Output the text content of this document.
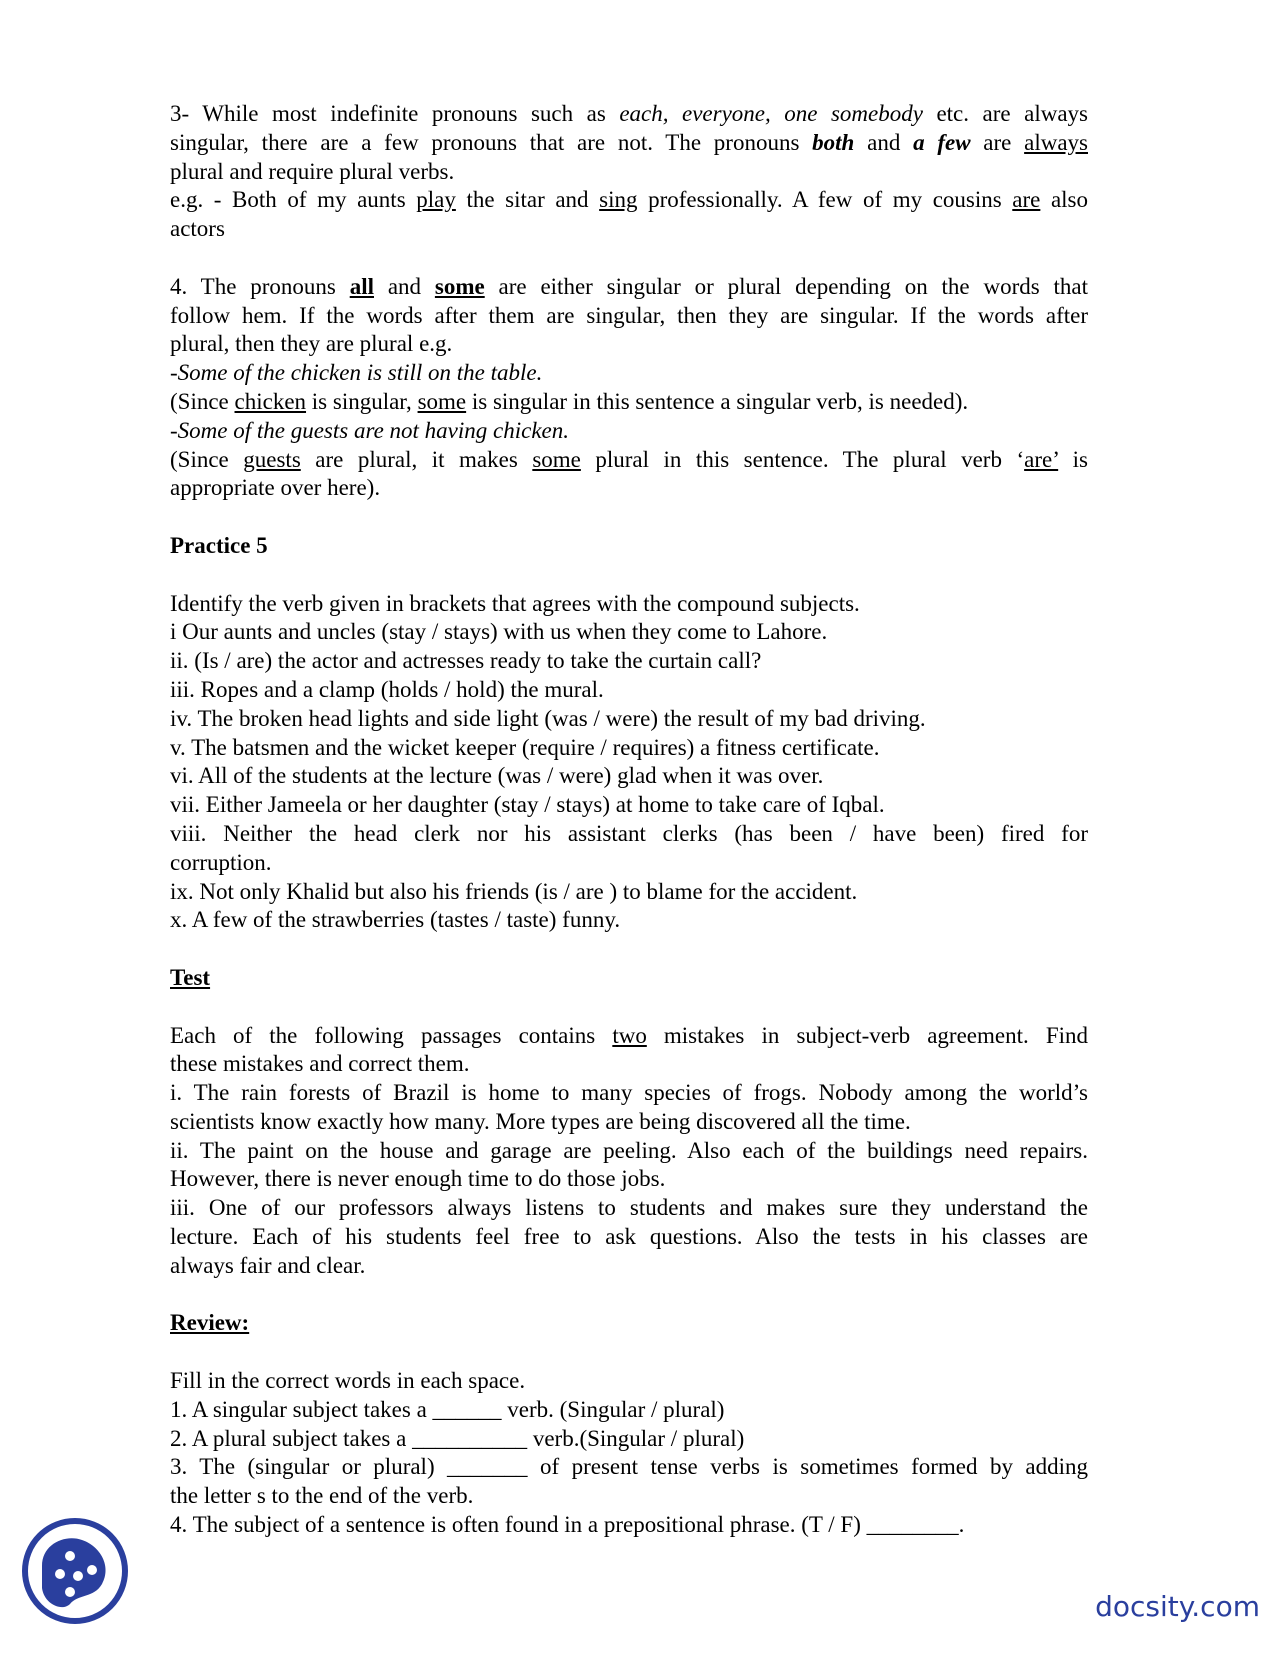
3- While most indefinite pronouns such as each, everyone, one somebody etc. are always
singular, there are a few pronouns that are not. The pronouns both and a few are always
plural and require plural verbs.
e.g. - Both of my aunts play the sitar and sing professionally. A few of my cousins are also
actors
4. The pronouns all and some are either singular or plural depending on the words that
follow hem. If the words after them are singular, then they are singular. If the words after
plural, then they are plural e.g.
-Some of the chicken is still on the table.
(Since chicken is singular, some is singular in this sentence a singular verb, is needed).
-Some of the guests are not having chicken.
(Since guests are plural, it makes some plural in this sentence. The plural verb ‘are’ is
appropriate over here).
Practice 5
Identify the verb given in brackets that agrees with the compound subjects.
i Our aunts and uncles (stay / stays) with us when they come to Lahore.
ii. (Is / are) the actor and actresses ready to take the curtain call?
iii. Ropes and a clamp (holds / hold) the mural.
iv. The broken head lights and side light (was / were) the result of my bad driving.
v. The batsmen and the wicket keeper (require / requires) a fitness certificate.
vi. All of the students at the lecture (was / were) glad when it was over.
vii. Either Jameela or her daughter (stay / stays) at home to take care of Iqbal.
viii. Neither the head clerk nor his assistant clerks (has been / have been) fired for
corruption.
ix. Not only Khalid but also his friends (is / are ) to blame for the accident.
x. A few of the strawberries (tastes / taste) funny.
Test
Each of the following passages contains two mistakes in subject-verb agreement. Find
these mistakes and correct them.
i. The rain forests of Brazil is home to many species of frogs. Nobody among the world’s
scientists know exactly how many. More types are being discovered all the time.
ii. The paint on the house and garage are peeling. Also each of the buildings need repairs.
However, there is never enough time to do those jobs.
iii. One of our professors always listens to students and makes sure they understand the
lecture. Each of his students feel free to ask questions. Also the tests in his classes are
always fair and clear.
Review:
Fill in the correct words in each space.
1. A singular subject takes a ______ verb. (Singular / plural)
2. A plural subject takes a __________ verb.(Singular / plural)
3. The (singular or plural) _______ of present tense verbs is sometimes formed by adding
the letter s to the end of the verb.
4. The subject of a sentence is often found in a prepositional phrase. (T / F) ________.
docsity.com
